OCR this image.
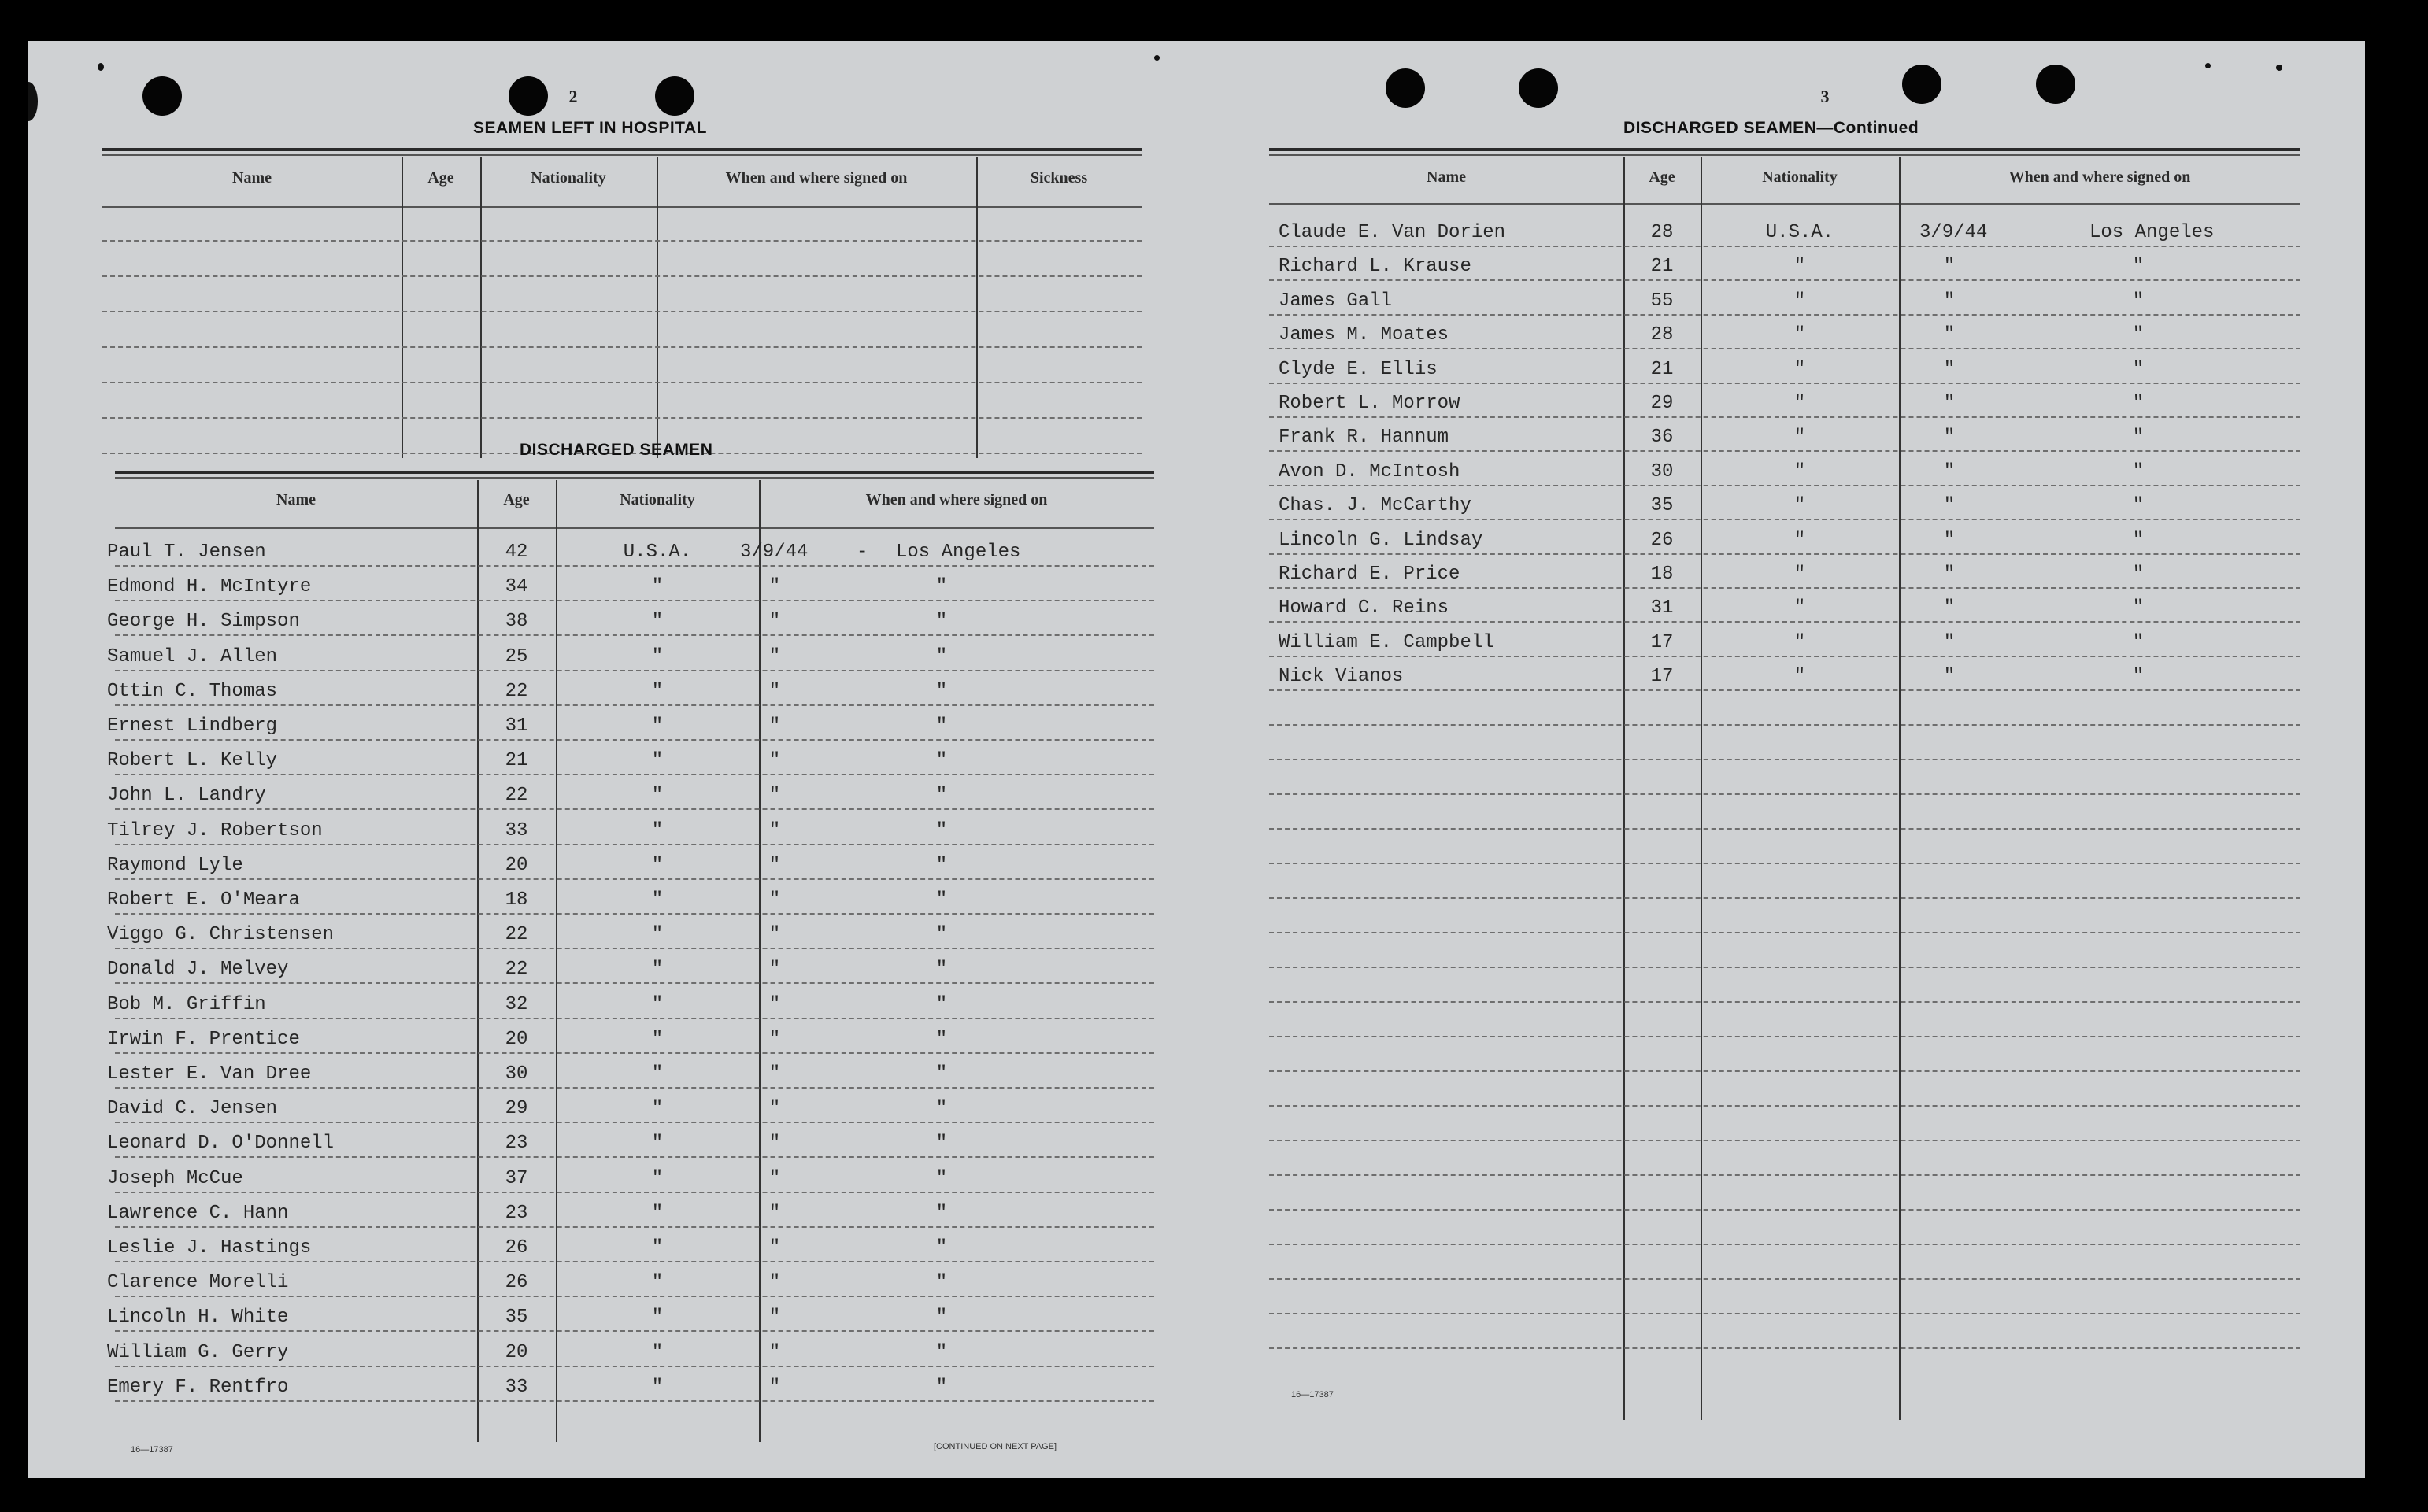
2
SEAMEN LEFT IN HOSPITAL
Name	Age	Nationality	When and where signed on	Sickness
DISCHARGED SEAMEN
Name	Age	Nationality	When and where signed on
Paul T. Jensen	42	U.S.A.	3/9/44	- Los Angeles
Edmond H. McIntyre	34	"	"	"
George H. Simpson	38	"	"	"
Samuel J. Allen	25	"	"	"
Ottin C. Thomas	22	"	"	"
Ernest Lindberg	31	"	"	"
Robert L. Kelly	21	"	"	"
John L. Landry	22	"	"	"
Tilrey J. Robertson	33	"	"	"
Raymond Lyle	20	"	"	"
Robert E. O'Meara	18	"	"	"
Viggo G. Christensen	22	"	"	"
Donald J. Melvey	22	"	"	"
Bob M. Griffin	32	"	"	"
Irwin F. Prentice	20	"	"	"
Lester E. Van Dree	30	"	"	"
David C. Jensen	29	"	"	"
Leonard D. O'Donnell	23	"	"	"
Joseph McCue	37	"	"	"
Lawrence C. Hann	23	"	"	"
Leslie J. Hastings	26	"	"	"
Clarence Morelli	26	"	"	"
Lincoln H. White	35	"	"	"
William G. Gerry	20	"	"	"
Emery F. Rentfro	33	"	"	"
16—17387	[CONTINUED ON NEXT PAGE]
3
DISCHARGED SEAMEN—Continued
Name	Age	Nationality	When and where signed on
Claude E. Van Dorien	28	U.S.A.	3/9/44	Los Angeles
Richard L. Krause	21	"	"	"
James Gall	55	"	"	"
James M. Moates	28	"	"	"
Clyde E. Ellis	21	"	"	"
Robert L. Morrow	29	"	"	"
Frank R. Hannum	36	"	"	"
Avon D. McIntosh	30	"	"	"
Chas. J. McCarthy	35	"	"	"
Lincoln G. Lindsay	26	"	"	"
Richard E. Price	18	"	"	"
Howard C. Reins	31	"	"	"
William E. Campbell	17	"	"	"
Nick Vianos	17	"	"	"
16—17387
